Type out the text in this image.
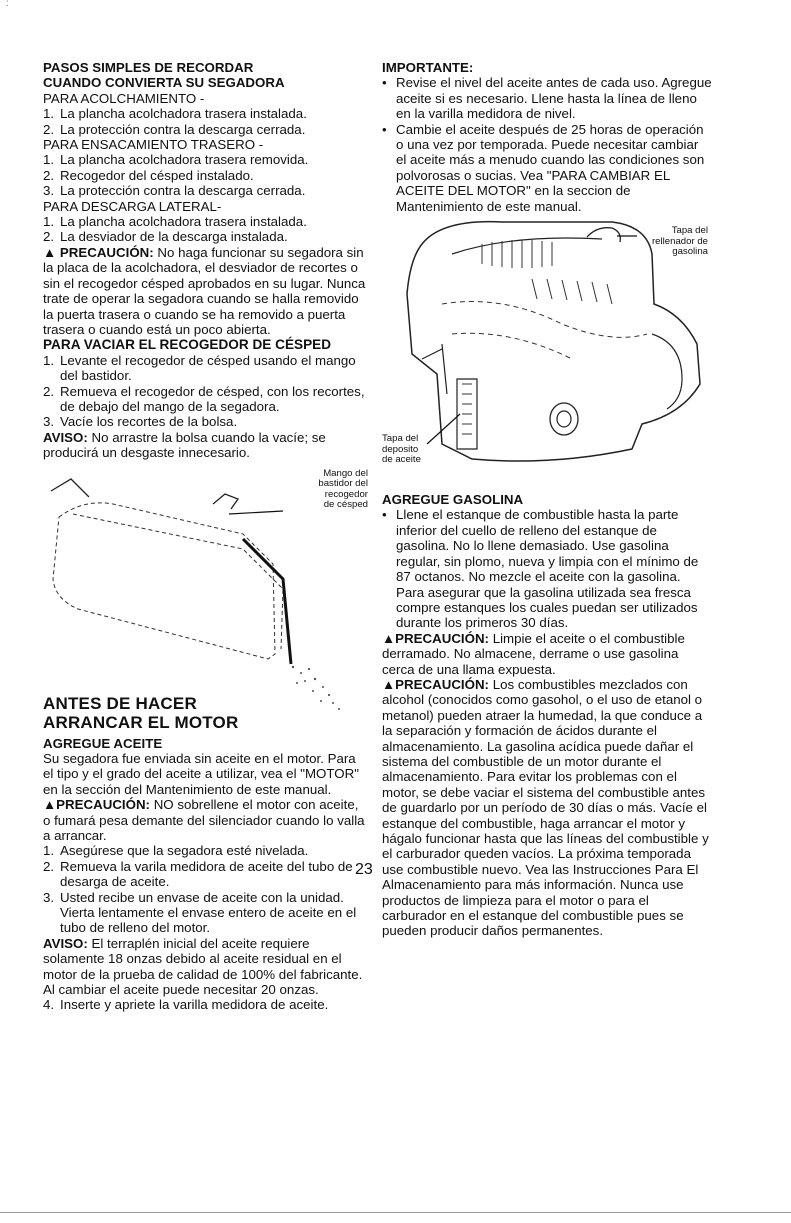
:
PASOS SIMPLES DE RECORDAR
CUANDO CONVIERTA SU SEGADORA
PARA ACOLCHAMIENTO -
1. La plancha acolchadora trasera instalada.
2. La protección contra la descarga cerrada.
PARA ENSACAMIENTO TRASERO -
1. La plancha acolchadora trasera removida.
2. Recogedor del césped instalado.
3. La protección contra la descarga cerrada.
PARA DESCARGA LATERAL-
1. La plancha acolchadora trasera instalada.
2. La desviador de la descarga instalada.
▲ PRECAUCIÓN: No haga funcionar su segadora sin la placa de la acolchadora, el desviador de recortes o sin el recogedor césped aprobados en su lugar. Nunca trate de operar la segadora cuando se halla removido la puerta trasera o cuando se ha removido a puerta trasera o cuando está un poco abierta.
PARA VACIAR EL RECOGEDOR DE CÉSPED
1. Levante el recogedor de césped usando el mango del bastidor.
2. Remueva el recogedor de césped, con los recortes, de debajo del mango de la segadora.
3. Vacíe los recortes de la bolsa.
AVISO: No arrastre la bolsa cuando la vacíe; se producirá un desgaste innecesario.
Mango del
bastidor del
recogedor
de césped
ANTES DE HACER
ARRANCAR EL MOTOR
AGREGUE ACEITE
Su segadora fue enviada sin aceite en el motor. Para el tipo y el grado del aceite a utilizar, vea el "MOTOR" en la sección del Mantenimiento de este manual.
▲PRECAUCIÓN: NO sobrellene el motor con aceite, o fumará pesa demante del silenciador cuando lo valla a arrancar.
1. Asegúrese que la segadora esté nivelada.
2. Remueva la varila medidora de aceite del tubo de desarga de aceite.
3. Usted recibe un envase de aceite con la unidad. Vierta lentamente el envase entero de aceite en el tubo de relleno del motor.
AVISO: El terraplén inicial del aceite requiere solamente 18 onzas debido al aceite residual en el motor de la prueba de calidad de 100% del fabricante. Al cambiar el aceite puede necesitar 20 onzas.
4. Inserte y apriete la varilla medidora de aceite.
IMPORTANTE:
• Revise el nivel del aceite antes de cada uso. Agregue aceite si es necesario. Llene hasta la línea de lleno en la varilla medidora de nivel.
• Cambie el aceite después de 25 horas de operación o una vez por temporada. Puede necesitar cambiar el aceite más a menudo cuando las condiciones son polvorosas o sucias. Vea "PARA CAMBIAR EL ACEITE DEL MOTOR" en la seccion de Mantenimiento de este manual.
Tapa del
rellenador de
gasolina
Tapa del
deposito
de aceite
AGREGUE GASOLINA
• Llene el estanque de combustible hasta la parte inferior del cuello de relleno del estanque de gasolina. No lo llene demasiado. Use gasolina regular, sin plomo, nueva y limpia con el mínimo de 87 octanos. No mezcle el aceite con la gasolina. Para asegurar que la gasolina utilizada sea fresca compre estanques los cuales puedan ser utilizados durante los primeros 30 días.
▲PRECAUCIÓN: Limpie el aceite o el combustible derramado. No almacene, derrame o use gasolina cerca de una llama expuesta.
▲PRECAUCIÓN: Los combustibles mezclados con alcohol (conocidos como gasohol, o el uso de etanol o metanol) pueden atraer la humedad, la que conduce a la separación y formación de ácidos durante el almacenamiento. La gasolina acídica puede dañar el sistema del combustible de un motor durante el almacenamiento. Para evitar los problemas con el motor, se debe vaciar el sistema del combustible antes de guardarlo por un período de 30 días o más. Vacíe el estanque del combustible, haga arrancar el motor y hágalo funcionar hasta que las líneas del combustible y el carburador queden vacíos. La próxima temporada use combustible nuevo. Vea las Instrucciones Para El Almacenamiento para más información. Nunca use productos de limpieza para el motor o para el carburador en el estanque del combustible pues se pueden producir daños permanentes.
23
